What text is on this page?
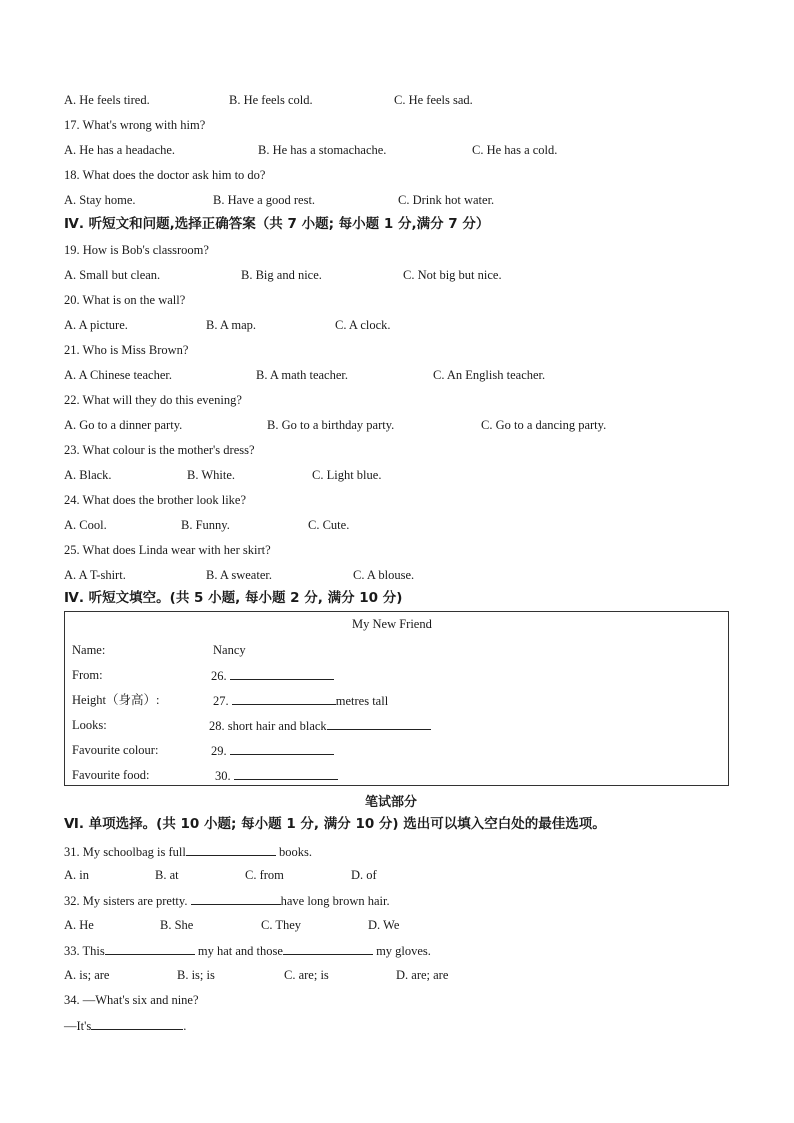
A. He feels tired.	B. He feels cold.	C. He feels sad.
17. What's wrong with him?
A. He has a headache.	B. He has a stomachache.	C. He has a cold.
18. What does the doctor ask him to do?
A. Stay home.	B. Have a good rest.	C. Drink hot water.
Ⅳ. 听短文和问题,选择正确答案（共 7 小题; 每小题 1 分,满分 7 分）
19. How is Bob's classroom?
A. Small but clean.	B. Big and nice.	C. Not big but nice.
20. What is on the wall?
A. A picture.	B. A map.	C. A clock.
21. Who is Miss Brown?
A. A Chinese teacher.	B. A math teacher.	C. An English teacher.
22. What will they do this evening?
A. Go to a dinner party.	B. Go to a birthday party.	C. Go to a dancing party.
23. What colour is the mother's dress?
A. Black.	B. White.	C. Light blue.
24. What does the brother look like?
A. Cool.	B. Funny.	C. Cute.
25. What does Linda wear with her skirt?
A. A T-shirt.	B. A sweater.	C. A blouse.
Ⅳ. 听短文填空。(共 5 小题, 每小题 2 分, 满分 10 分)
My New Friend
Name:	Nancy
From:	26.
Height（身高）:	27.	metres tall
Looks:	28. short hair and black
Favourite colour:	29.
Favourite food:	30.
笔试部分
Ⅵ. 单项选择。(共 10 小题; 每小题 1 分, 满分 10 分) 选出可以填入空白处的最佳选项。
31. My schoolbag is full	books.
A. in	B. at	C. from	D. of
32. My sisters are pretty.	have long brown hair.
A. He	B. She	C. They	D. We
33. This	my hat and those	my gloves.
A. is; are	B. is; is	C. are; is	D. are; are
34. —What's six and nine?
—It's	.
